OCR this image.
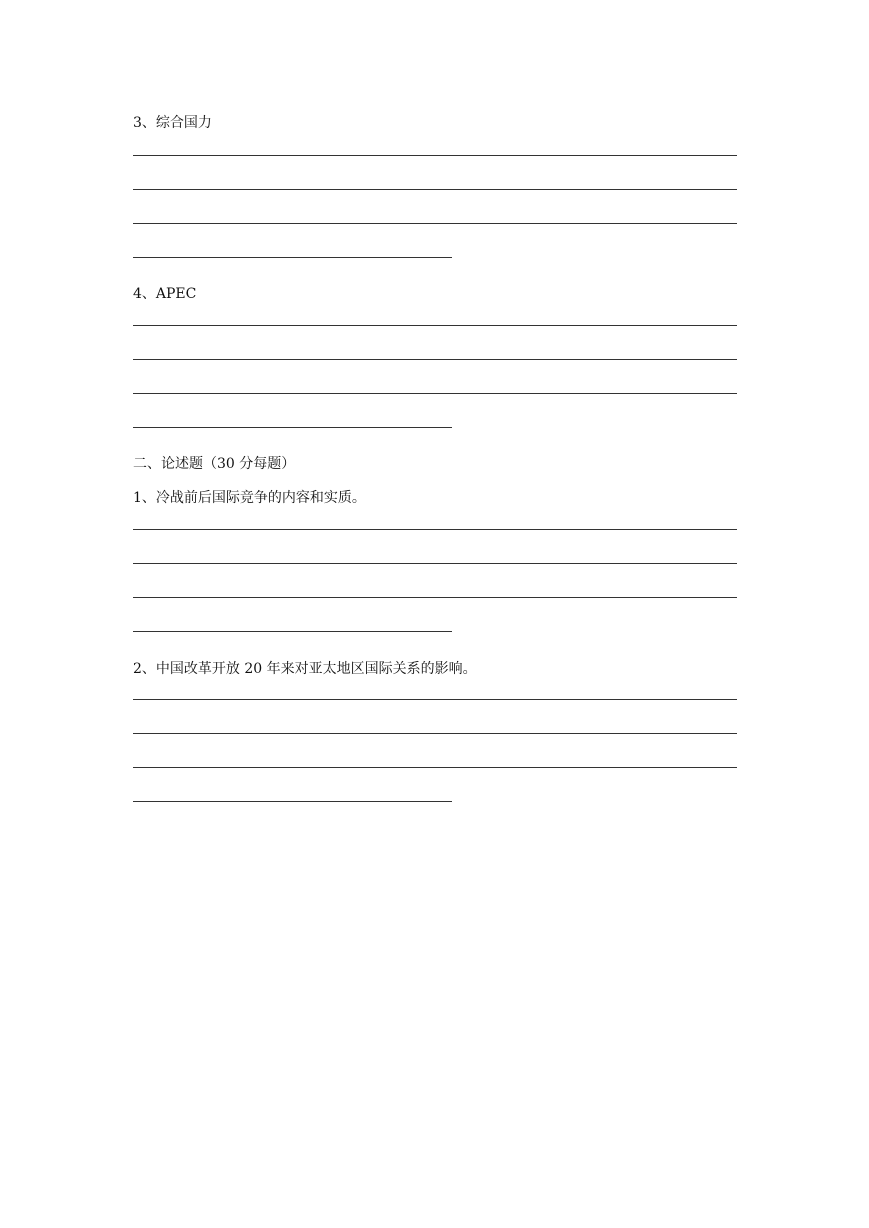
3、综合国力
4、APEC
二、论述题（30 分每题）
1、冷战前后国际竞争的内容和实质。
2、中国改革开放 20 年来对亚太地区国际关系的影响。
